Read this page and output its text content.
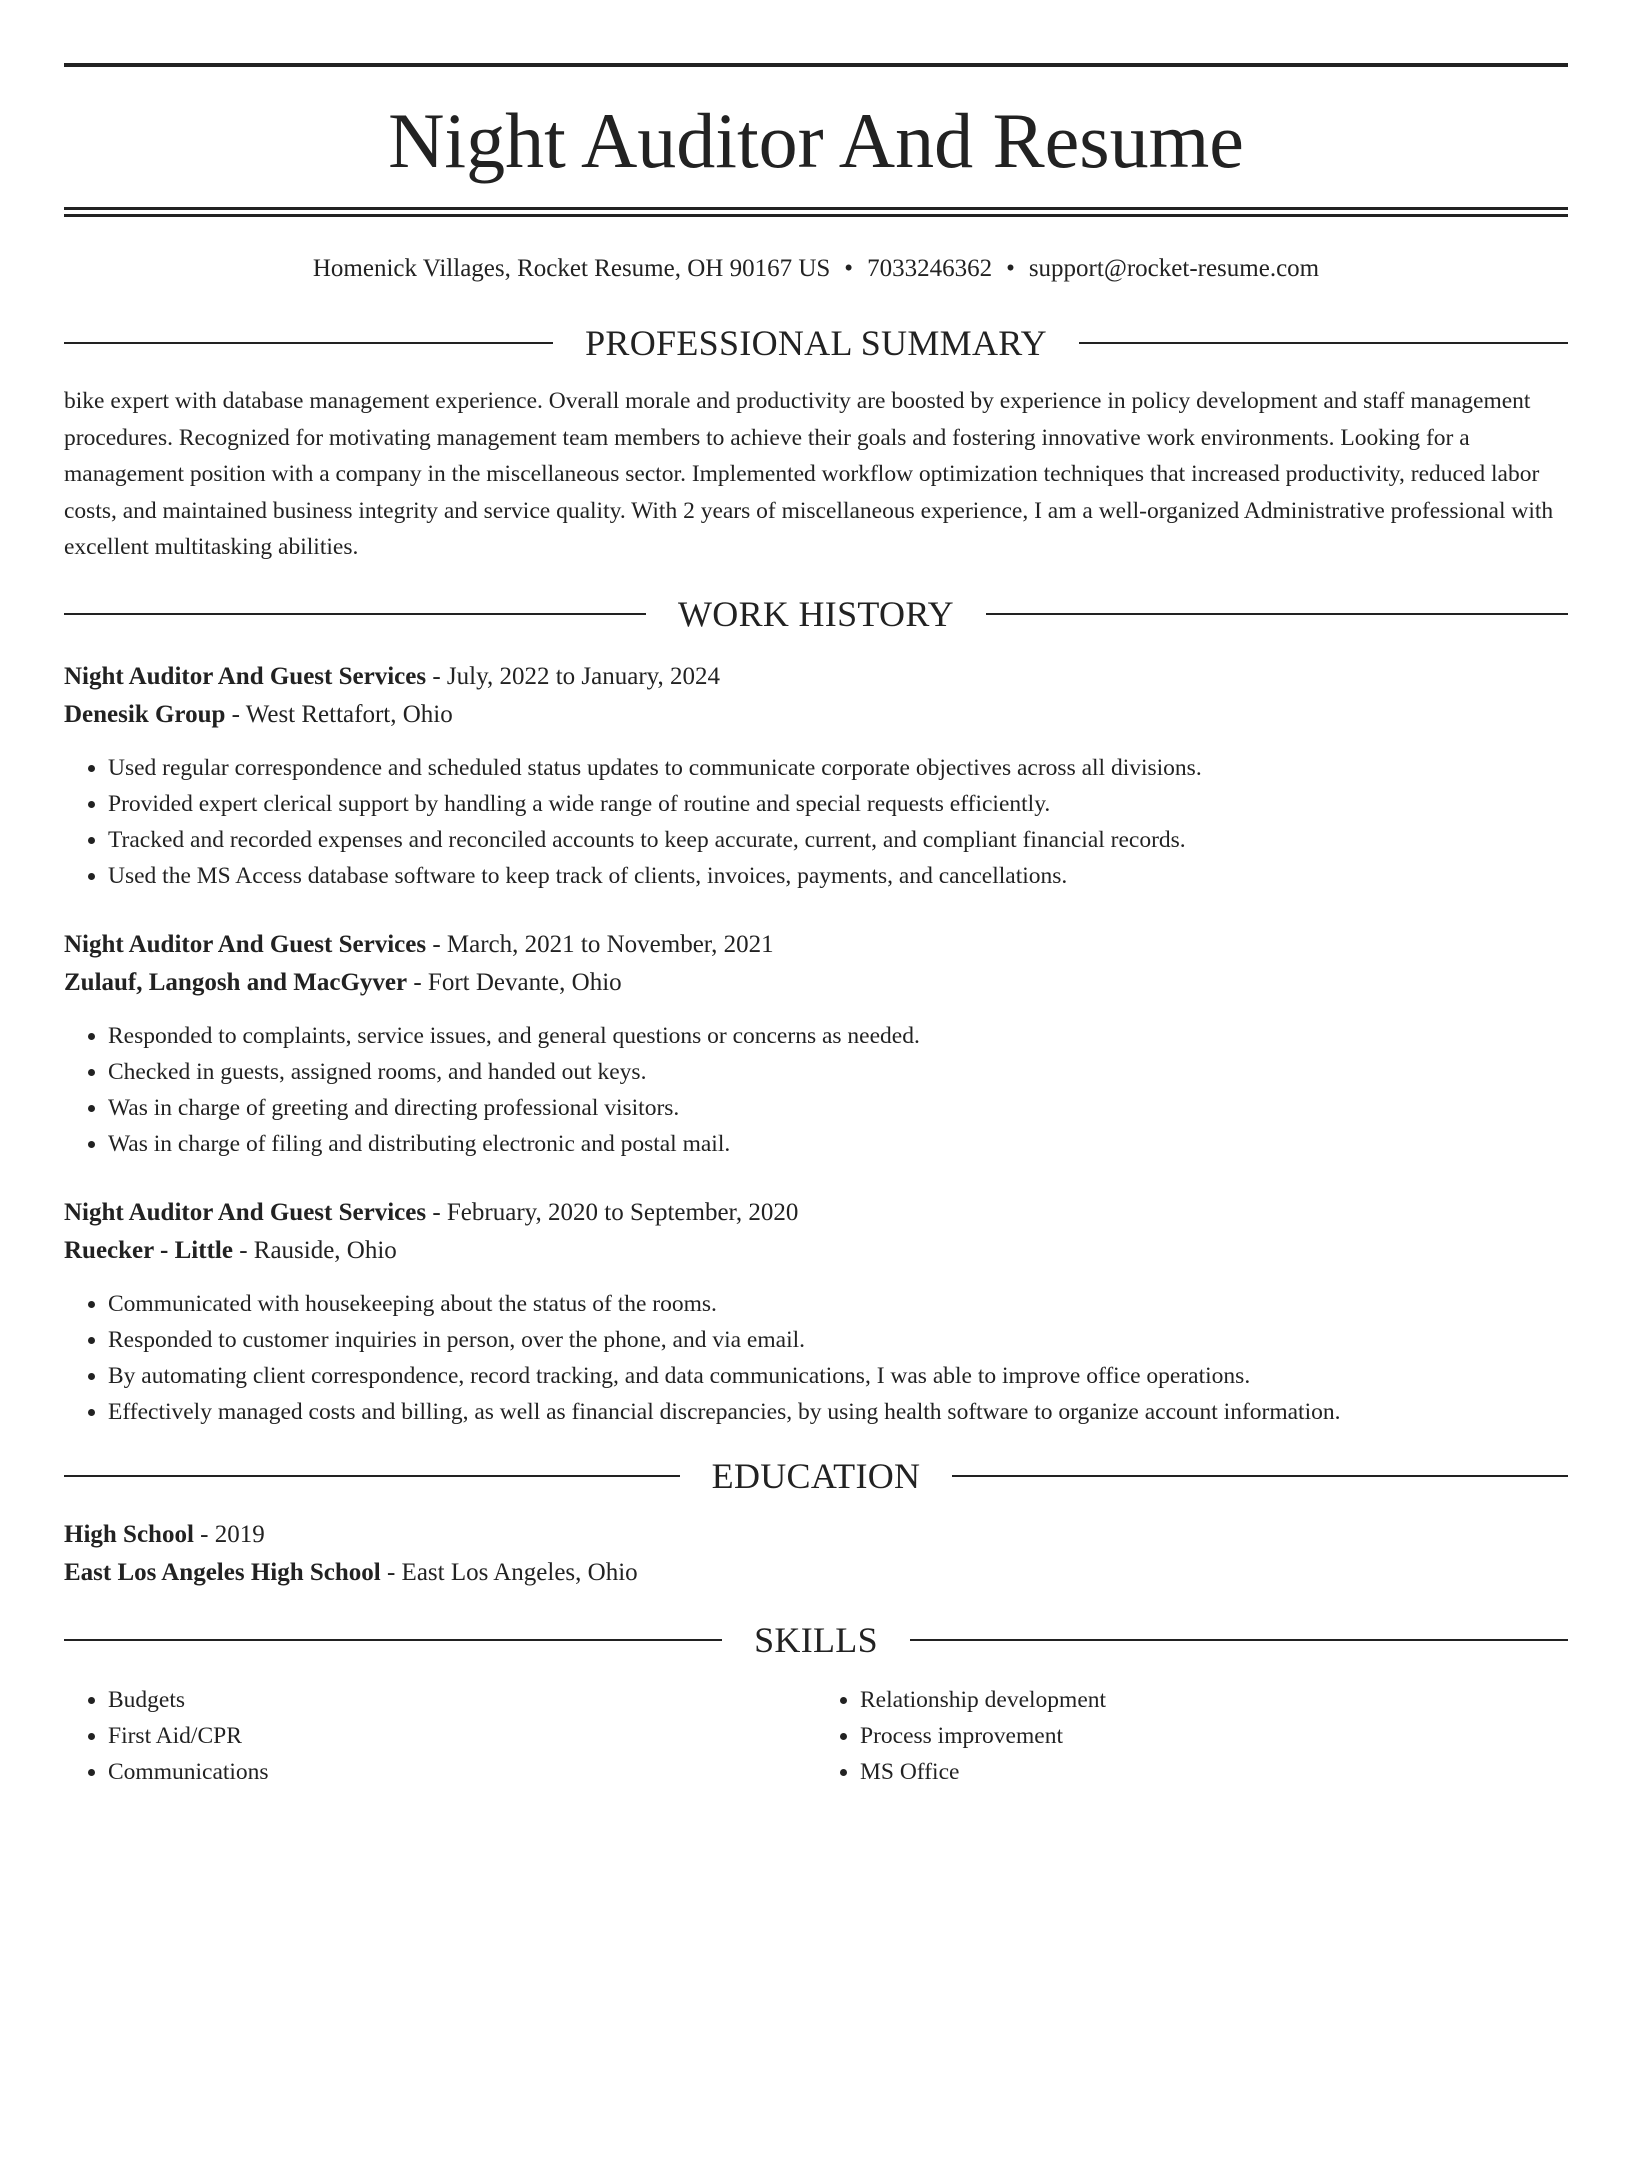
Night Auditor And Resume
Homenick Villages, Rocket Resume, OH 90167 US • 7033246362 • support@rocket-resume.com
PROFESSIONAL SUMMARY

bike expert with database management experience. Overall morale and productivity are boosted by experience in policy development and staff management procedures. Recognized for motivating management team members to achieve their goals and fostering innovative work environments. Looking for a management position with a company in the miscellaneous sector. Implemented workflow optimization techniques that increased productivity, reduced labor costs, and maintained business integrity and service quality. With 2 years of miscellaneous experience, I am a well-organized Administrative professional with excellent multitasking abilities.

WORK HISTORY
Night Auditor And Guest Services - July, 2022 to January, 2024
Denesik Group - West Rettafort, Ohio
• Used regular correspondence and scheduled status updates to communicate corporate objectives across all divisions.
• Provided expert clerical support by handling a wide range of routine and special requests efficiently.
• Tracked and recorded expenses and reconciled accounts to keep accurate, current, and compliant financial records.
• Used the MS Access database software to keep track of clients, invoices, payments, and cancellations.
Night Auditor And Guest Services - March, 2021 to November, 2021
Zulauf, Langosh and MacGyver - Fort Devante, Ohio
• Responded to complaints, service issues, and general questions or concerns as needed.
• Checked in guests, assigned rooms, and handed out keys.
• Was in charge of greeting and directing professional visitors.
• Was in charge of filing and distributing electronic and postal mail.
Night Auditor And Guest Services - February, 2020 to September, 2020
Ruecker - Little - Rauside, Ohio
• Communicated with housekeeping about the status of the rooms.
• Responded to customer inquiries in person, over the phone, and via email.
• By automating client correspondence, record tracking, and data communications, I was able to improve office operations.
• Effectively managed costs and billing, as well as financial discrepancies, by using health software to organize account information.
EDUCATION
High School - 2019
East Los Angeles High School - East Los Angeles, Ohio
SKILLS
• Budgets
• First Aid/CPR
• Communications
• Relationship development
• Process improvement
• MS Office
